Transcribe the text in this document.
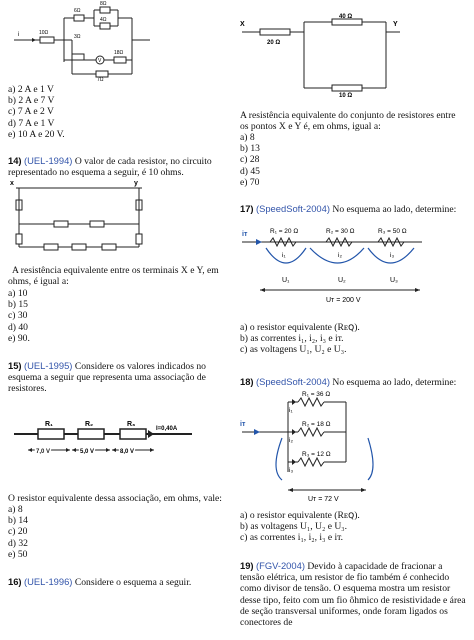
i	10Ω
6Ω
8Ω
4Ω
3Ω
V
18Ω
7Ω

a) 2 A e 1 V

b) 2 A e 7 V

c) 7 A e 2 V

d) 7 A e 1 V

e) 10 A e 20 V.

14) (UEL-1994) O valor de cada resistor, no circuito representado no esquema a seguir, é 10 ohms.

x	y

A resistência equivalente entre os terminais X e Y, em ohms, é igual a:

a) 10

b) 15

c) 30

d) 40

e) 90.

15) (UEL-1995) Considere os valores indicados no esquema a seguir que representa uma associação de resistores.

R₁	R₂	R₃
I=0,40A
7,0 V	5,0 V	8,0 V

O resistor equivalente dessa associação, em ohms, vale:

a) 8

b) 14

c) 20

d) 32

e) 50

16) (UEL-1996) Considere o esquema a seguir.

X	Y
20 Ω
40 Ω
10 Ω

A resistência equivalente do conjunto de resistores entre os pontos X e Y é, em ohms, igual a:

a) 8

b) 13

c) 28

d) 45

e) 70

17) (SpeedSoft-2004) No esquema ao lado, determine:

iт	R₁ = 20 Ω	R₂ = 30 Ω	R₃ = 50 Ω
i₁	i₂	i₃
U₁	U₂	U₃
Uт = 200 V

a) o resistor equivalente (Rᴇꞯ).

b) as correntes i₁, i₂, i₃ e iт.

c) as voltagens U₁, U₂ e U₃.

18) (SpeedSoft-2004) No esquema ao lado, determine:

iт
R₁ = 36 Ω
R₂ = 18 Ω
R₃ = 12 Ω
i₁
i₂
i₃
Uт = 72 V

a) o resistor equivalente (Rᴇꞯ).

b) as voltagens U₁, U₂ e U₃.

c) as correntes i₁, i₂, i₃ e iт.

19) (FGV-2004) Devido à capacidade de fracionar a tensão elétrica, um resistor de fio também é conhecido como divisor de tensão. O esquema mostra um resistor desse tipo, feito com um fio ôhmico de resistividade e área de seção transversal uniformes, onde foram ligados os conectores de
